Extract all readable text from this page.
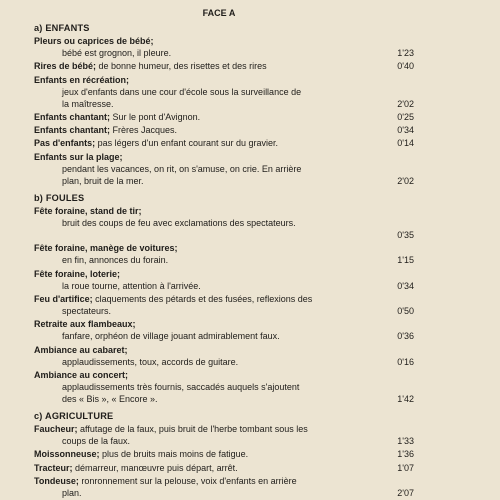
FACE A
a) ENFANTS
Pleurs ou caprices de bébé;
bébé est grognon, il pleure.	1'23
Rires de bébé; de bonne humeur, des risettes et des rires	0'40
Enfants en récréation;
jeux d'enfants dans une cour d'école sous la surveillance de
la maîtresse.	2'02
Enfants chantant; Sur le pont d'Avignon.	0'25
Enfants chantant; Frères Jacques.	0'34
Pas d'enfants; pas légers d'un enfant courant sur du gravier.	0'14
Enfants sur la plage;
pendant les vacances, on rit, on s'amuse, on crie. En arrière
plan, bruit de la mer.	2'02
b) FOULES
Fête foraine, stand de tir;
bruit des coups de feu avec exclamations des spectateurs.
0'35
Fête foraine, manège de voitures;
en fin, annonces du forain.	1'15
Fête foraine, loterie;
la roue tourne, attention à l'arrivée.	0'34
Feu d'artifice; claquements des pétards et des fusées, reflexions des
spectateurs.	0'50
Retraite aux flambeaux;
fanfare, orphéon de village jouant admirablement faux.	0'36
Ambiance au cabaret;
applaudissements, toux, accords de guitare.	0'16
Ambiance au concert;
applaudissements très fournis, saccadés auquels s'ajoutent
des « Bis », « Encore ».	1'42
c) AGRICULTURE
Faucheur; affutage de la faux, puis bruit de l'herbe tombant sous les
coups de la faux.	1'33
Moissonneuse; plus de bruits mais moins de fatigue.	1'36
Tracteur; démarreur, manœuvre puis départ, arrêt.	1'07
Tondeuse; ronronnement sur la pelouse, voix d'enfants en arrière
plan.	2'07
